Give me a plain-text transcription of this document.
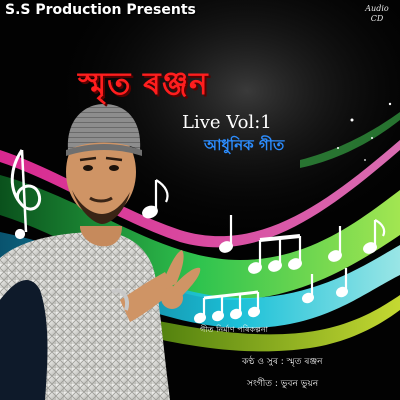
S.S Production Presents	Audio
CD

স্মৃত ৰঞ্জন

Live Vol:1

আধুনিক গীত

গীত নিৰ্মাণ পৰিকল্পনা

কণ্ঠ ও সুৰ : স্মৃত ৰঞ্জন

সংগীত : ভুবন ভুয়ন
